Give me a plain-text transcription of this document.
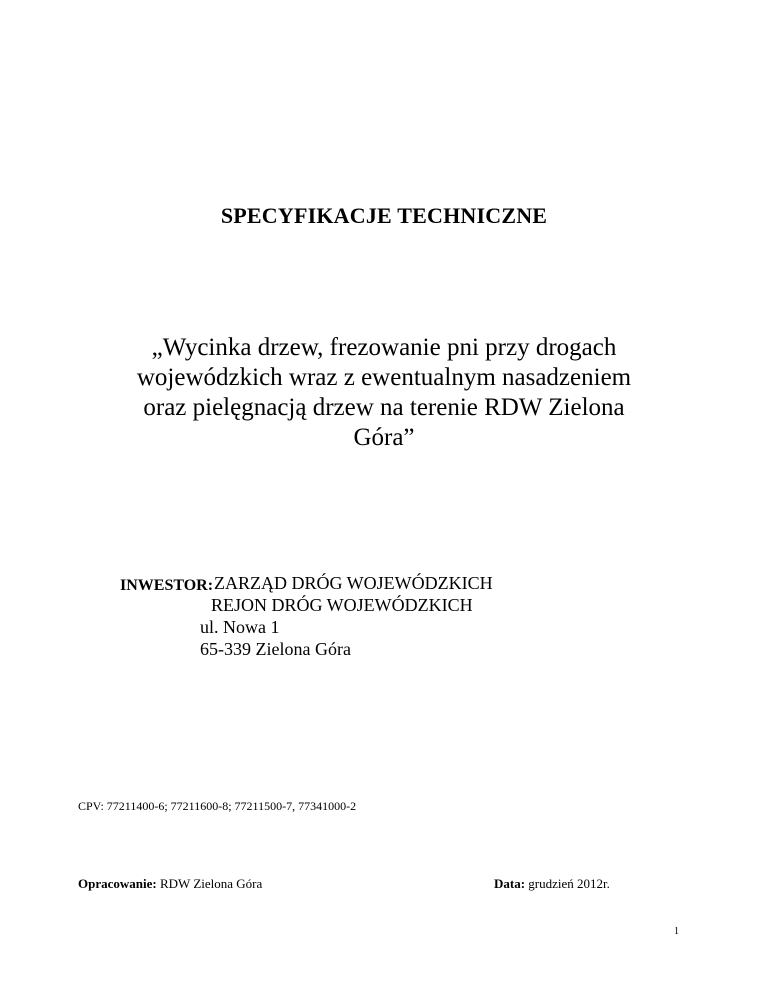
SPECYFIKACJE TECHNICZNE
„Wycinka drzew, frezowanie pni przy drogach
wojewódzkich wraz z ewentualnym nasadzeniem
oraz pielęgnacją drzew na terenie RDW Zielona
Góra”
INWESTOR: ZARZĄD DRÓG WOJEWÓDZKICH
REJON DRÓG WOJEWÓDZKICH
ul. Nowa 1
65-339 Zielona Góra
CPV: 77211400-6; 77211600-8; 77211500-7, 77341000-2
Opracowanie: RDW Zielona Góra	Data: grudzień 2012r.
1
